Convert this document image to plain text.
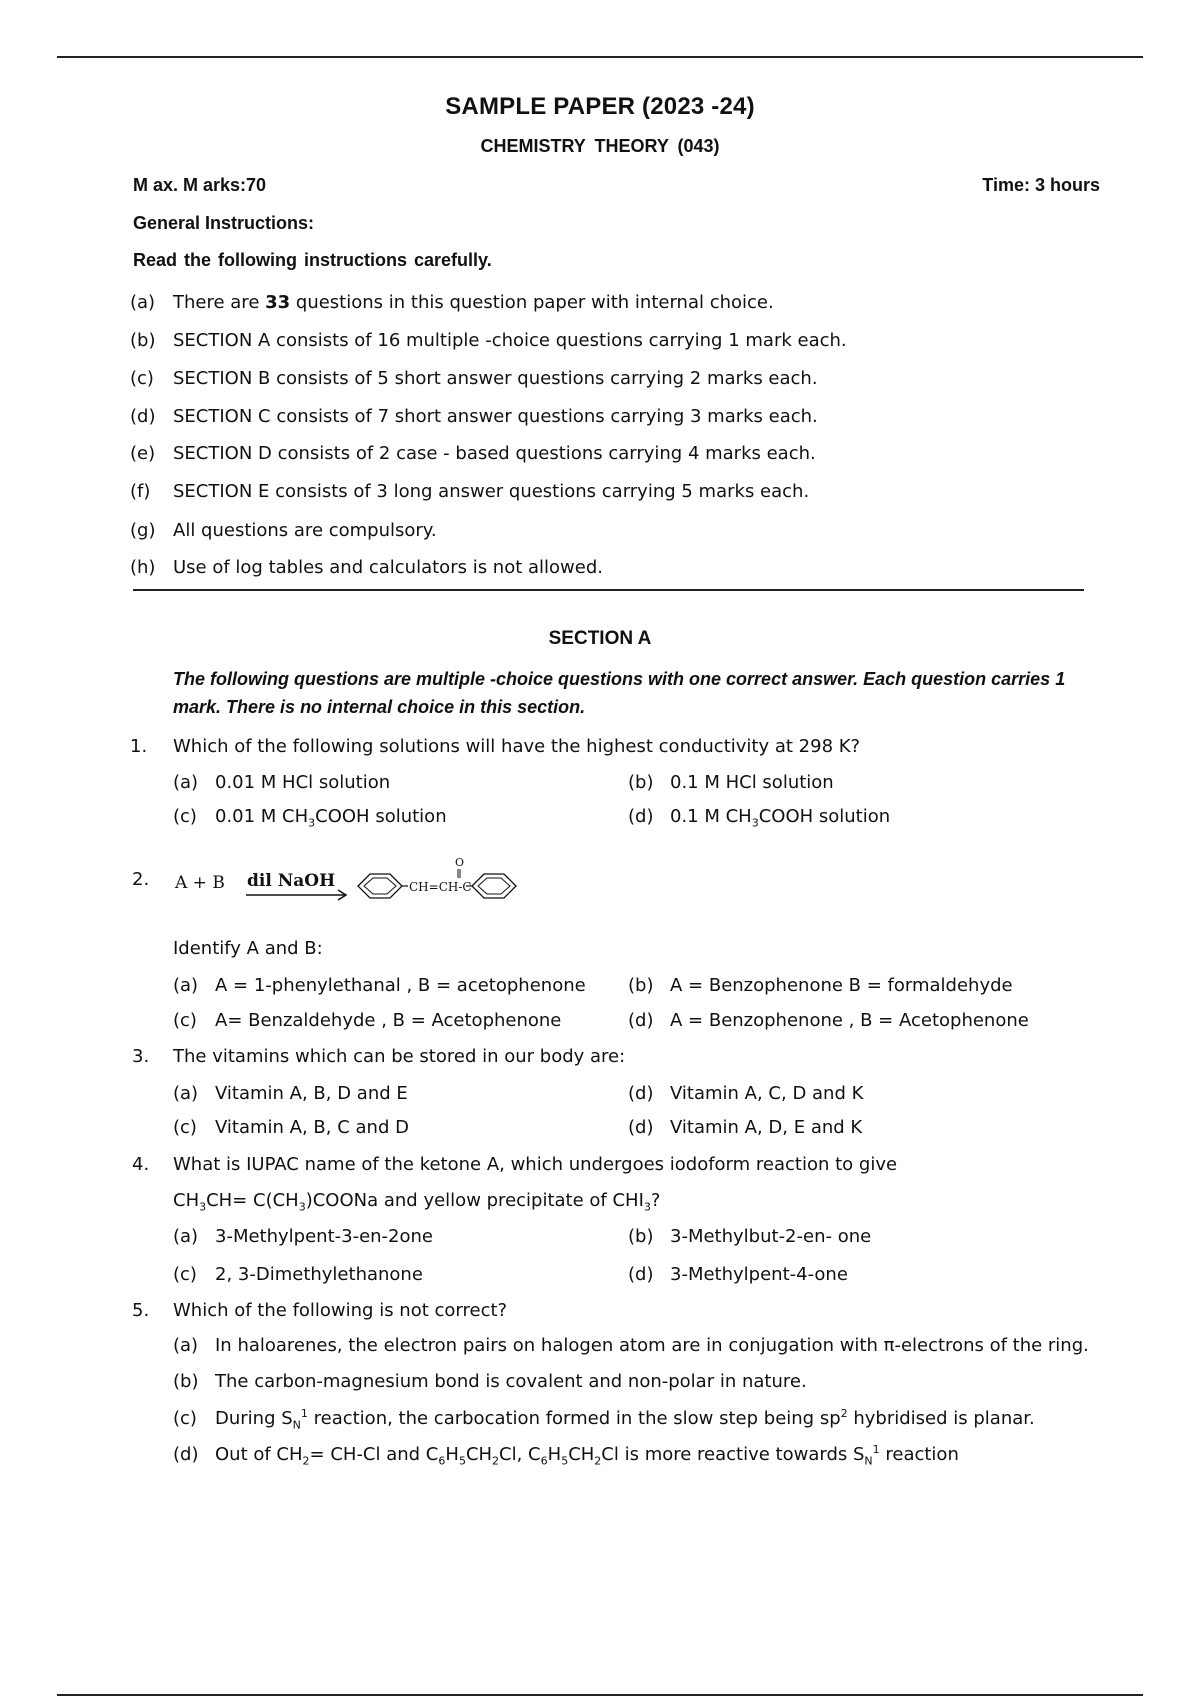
SAMPLE PAPER (2023 -24)
CHEMISTRY THEORY (043)
M ax. M arks:70	Time: 3 hours
General Instructions:
Read the following instructions carefully.
(a) There are 33 questions in this question paper with internal choice.
(b) SECTION A consists of 16 multiple -choice questions carrying 1 mark each.
(c) SECTION B consists of 5 short answer questions carrying 2 marks each.
(d) SECTION C consists of 7 short answer questions carrying 3 marks each.
(e) SECTION D consists of 2 case - based questions carrying 4 marks each.
(f) SECTION E consists of 3 long answer questions carrying 5 marks each.
(g) All questions are compulsory.
(h) Use of log tables and calculators is not allowed.
SECTION A
The following questions are multiple -choice questions with one correct answer. Each question carries 1 mark. There is no internal choice in this section.
1. Which of the following solutions will have the highest conductivity at 298 K?
(a) 0.01 M HCl solution	(b) 0.1 M HCl solution
(c) 0.01 M $CH_3COOH$ solution	(d) 0.1 M $CH_3COOH$ solution
2. A + B dil NaOH	CH=CH-C
O
Identify A and B:
(a) A = 1-phenylethanal , B = acetophenone (b) A = Benzophenone B = formaldehyde
(c) A= Benzaldehyde , B = Acetophenone	(d) A = Benzophenone , B = Acetophenone
3. The vitamins which can be stored in our body are:
(a) Vitamin A, B, D and E	(d) Vitamin A, C, D and K
(c) Vitamin A, B, C and D	(d) Vitamin A, D, E and K
4. What is IUPAC name of the ketone A, which undergoes iodoform reaction to give
$CH_3CH=$ $C(CH_3)COONa$ and yellow precipitate of $CHI_3$?
(a) 3-Methylpent-3-en-2one	(b) 3-Methylbut-2-en- one
(c) 2, 3-Dimethylethanone	(d) 3-Methylpent-4-one
5. Which of the following is not correct?
(a) In haloarenes, the electron pairs on halogen atom are in conjugation with π-electrons of the ring.
(b) The carbon-magnesium bond is covalent and non-polar in nature.
(c) During $S_N^1$ reaction, the carbocation formed in the slow step being $sp^2$ hybridised is planar.
(d) Out of $CH_2= CH-Cl$ and $C_6H_5CH_2Cl$, $C_6H_5CH_2Cl$ is more reactive towards $S_N^1$ reaction
